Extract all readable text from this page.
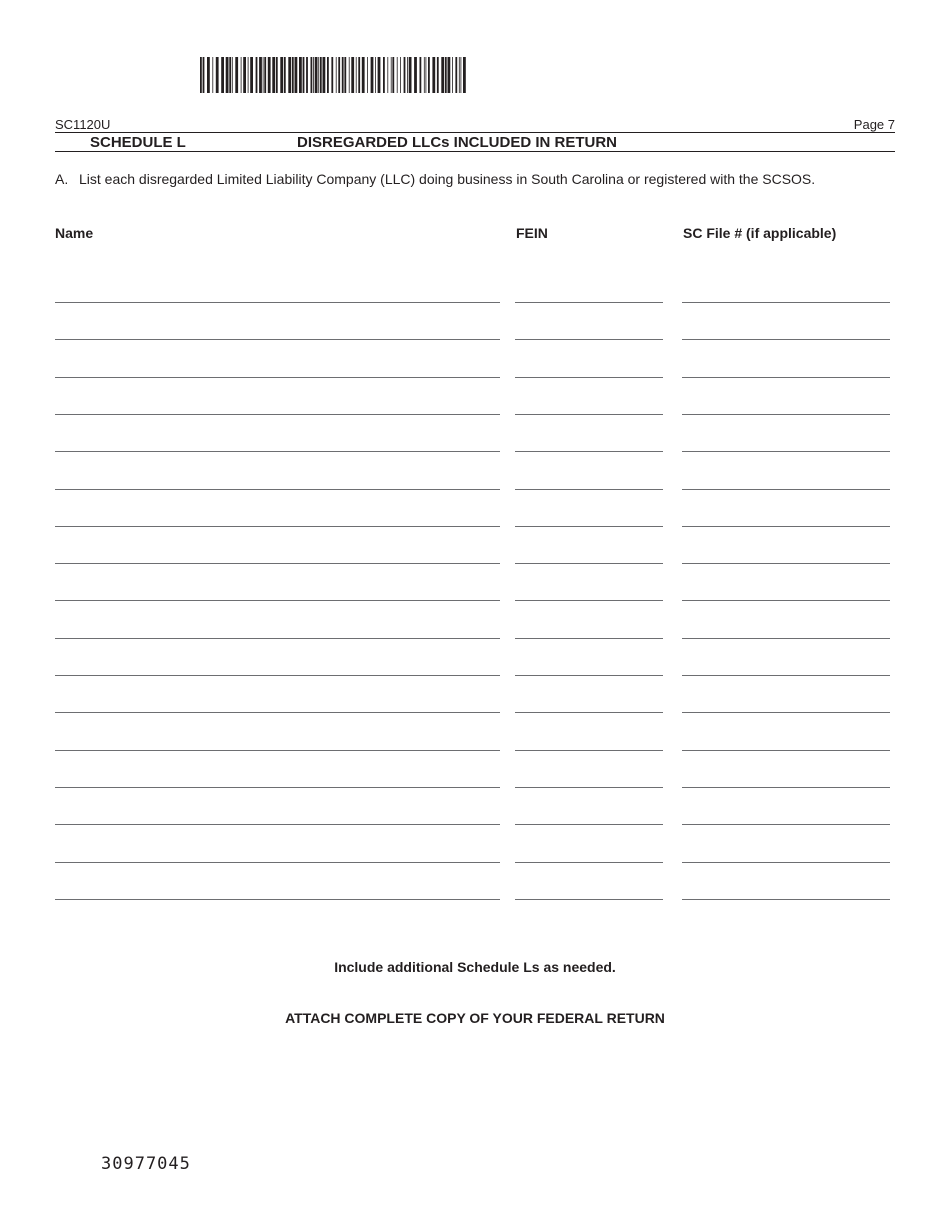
SC1120U	Page 7
SCHEDULE L	DISREGARDED LLCs INCLUDED IN RETURN
A. List each disregarded Limited Liability Company (LLC) doing business in South Carolina or registered with the SCSOS.
Name	FEIN	SC File # (if applicable)
Include additional Schedule Ls as needed.
ATTACH COMPLETE COPY OF YOUR FEDERAL RETURN
30977045
